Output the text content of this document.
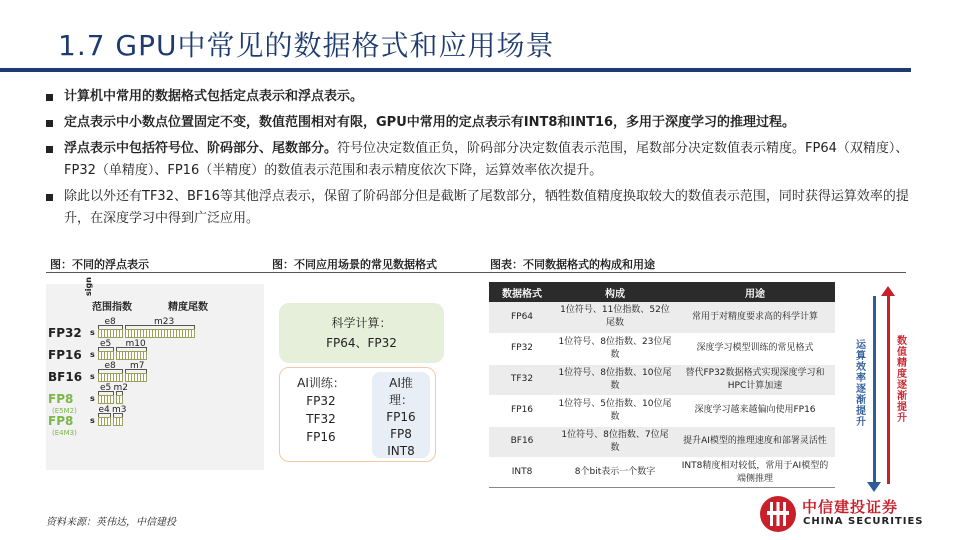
1.7 GPU中常见的数据格式和应用场景
计算机中常用的数据格式包括定点表示和浮点表示。
定点表示中小数点位置固定不变，数值范围相对有限，GPU中常用的定点表示有INT8和INT16，多用于深度学习的推理过程。
浮点表示中包括符号位、阶码部分、尾数部分。符号位决定数值正负，阶码部分决定数值表示范围，尾数部分决定数值表示精度。FP64（双精度）、FP32（单精度）、FP16（半精度）的数值表示范围和表示精度依次下降，运算效率依次提升。
除此以外还有TF32、BF16等其他浮点表示，保留了阶码部分但是截断了尾数部分，牺牲数值精度换取较大的数值表示范围，同时获得运算效率的提升，在深度学习中得到广泛应用。
图：不同的浮点表示	图：不同应用场景的常见数据格式	图表：不同数据格式的构成和用途
sign
范围指数	精度尾数
FP32 s
e8	m23
FP16 s
e5 m10
BF16 s
e8 m7
FP8
(E5M2)
s
e5 m2
FP8
(E4M3)
s
e4 m3
科学计算：
FP64、FP32
AI训练：
FP32
TF32
FP16
AI推
理：
FP16
FP8
INT8
数据格式	构成	用途
FP64	1位符号、11位指数、52位尾数	常用于对精度要求高的科学计算
FP32	1位符号、8位指数、23位尾数	深度学习模型训练的常见格式
TF32	1位符号、8位指数、10位尾数	替代FP32数据格式实现深度学习和HPC计算加速
FP16	1位符号、5位指数、10位尾数	深度学习越来越偏向使用FP16
BF16	1位符号、8位指数、7位尾数	提升AI模型的推理速度和部署灵活性
INT8	8个bit表示一个数字	INT8精度相对较低，常用于AI模型的端侧推理
运算效率逐渐提升
数值精度逐渐提升
资料来源：英伟达，中信建投
中信建投证券
CHINA SECURITIES
